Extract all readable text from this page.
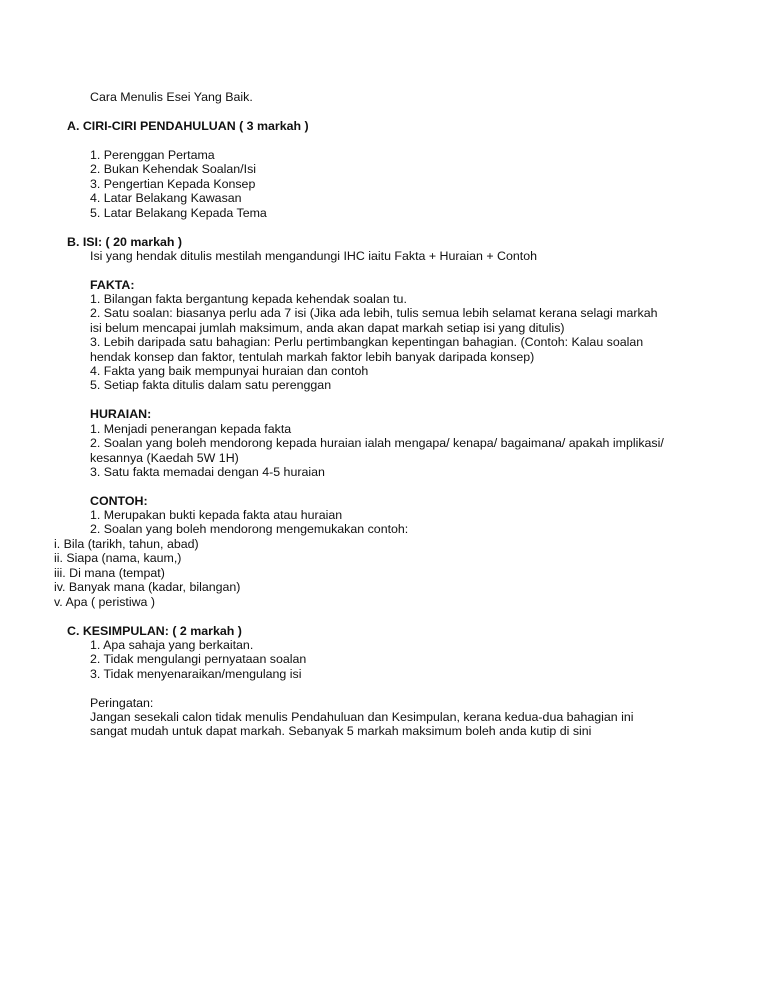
Cara Menulis Esei Yang Baik.
A. CIRI-CIRI PENDAHULUAN ( 3 markah )
1. Perenggan Pertama
2. Bukan Kehendak Soalan/Isi
3. Pengertian Kepada Konsep
4. Latar Belakang Kawasan
5. Latar Belakang Kepada Tema
B. ISI: ( 20 markah )
Isi yang hendak ditulis mestilah mengandungi IHC iaitu Fakta + Huraian + Contoh
FAKTA:
1. Bilangan fakta bergantung kepada kehendak soalan tu.
2. Satu soalan: biasanya perlu ada 7 isi (Jika ada lebih, tulis semua lebih selamat kerana selagi markah
isi belum mencapai jumlah maksimum, anda akan dapat markah setiap isi yang ditulis)
3. Lebih daripada satu bahagian: Perlu pertimbangkan kepentingan bahagian. (Contoh: Kalau soalan
hendak konsep dan faktor, tentulah markah faktor lebih banyak daripada konsep)
4. Fakta yang baik mempunyai huraian dan contoh
5. Setiap fakta ditulis dalam satu perenggan
HURAIAN:
1. Menjadi penerangan kepada fakta
2. Soalan yang boleh mendorong kepada huraian ialah mengapa/ kenapa/ bagaimana/ apakah implikasi/
kesannya (Kaedah 5W 1H)
3. Satu fakta memadai dengan 4-5 huraian
CONTOH:
1. Merupakan bukti kepada fakta atau huraian
2. Soalan yang boleh mendorong mengemukakan contoh:
i. Bila (tarikh, tahun, abad)
ii. Siapa (nama, kaum,)
iii. Di mana (tempat)
iv. Banyak mana (kadar, bilangan)
v. Apa ( peristiwa )
C. KESIMPULAN: ( 2 markah )
1. Apa sahaja yang berkaitan.
2. Tidak mengulangi pernyataan soalan
3. Tidak menyenaraikan/mengulang isi
Peringatan:
Jangan sesekali calon tidak menulis Pendahuluan dan Kesimpulan, kerana kedua-dua bahagian ini
sangat mudah untuk dapat markah. Sebanyak 5 markah maksimum boleh anda kutip di sini
